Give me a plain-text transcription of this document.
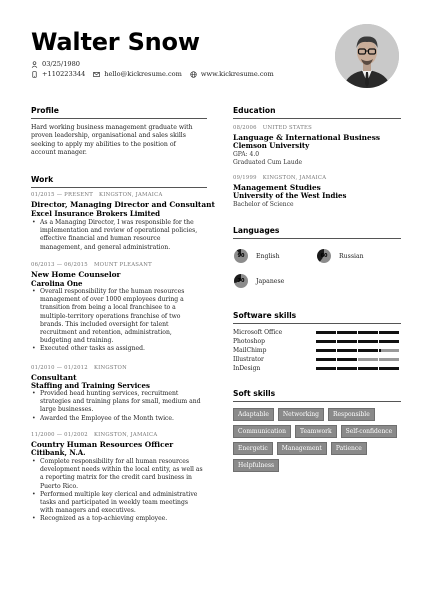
Walter Snow
03/25/1980
+110223344	hello@kickresume.com	www.kickresume.com
Profile
Hard working business management graduate with proven leadership, organisational and sales skills seeking to apply my abilities to the position of account manager.
Work
01/2015 — PRESENT KINGSTON, JAMAICA
Director, Managing Director and Consultant
Excel Insurance Brokers Limited
• As a Managing Director, I was responsible for the implementation and review of operational policies, effective financial and human resource management, and general administration.
06/2013 — 06/2015 MOUNT PLEASANT
New Home Counselor
Carolina One
• Overall responsibility for the human resources management of over 1000 employees during a transition from being a local franchisee to a multiple-territory operations franchise of two brands. This included oversight for talent recruitment and retention, administration, budgeting and training.
• Executed other tasks as assigned.
01/2010 — 01/2012 KINGSTON
Consultant
Staffing and Training Services
• Provided head hunting services, recruitment strategies and training plans for small, medium and large businesses.
• Awarded the Employee of the Month twice.
11/2000 — 01/2002 KINGSTON, JAMAICA
Country Human Resources Officer
Citibank, N.A.
• Complete responsibility for all human resources development needs within the local entity, as well as a reporting matrix for the credit card business in Puerto Rico.
• Performed multiple key clerical and administrative tasks and participated in weekly team meetings with managers and executives.
• Recognized as a top-achieving employee.
Education
08/2006 UNITED STATES
Language & International Business
Clemson University
GPA: 4.0
Graduated Cum Laude
09/1999 KINGSTON, JAMAICA
Management Studies
University of the West Indies
Bachelor of Science
Languages
90	English	60	Russian
70	Japanese
Software skills
Microsoft Office
Photoshop
MailChimp
Illustrator
InDesign
Soft skills
Adaptable	Networking	Responsible
Communication	Teamwork	Self-confidence
Energetic	Management	Patience
Helpfulness
